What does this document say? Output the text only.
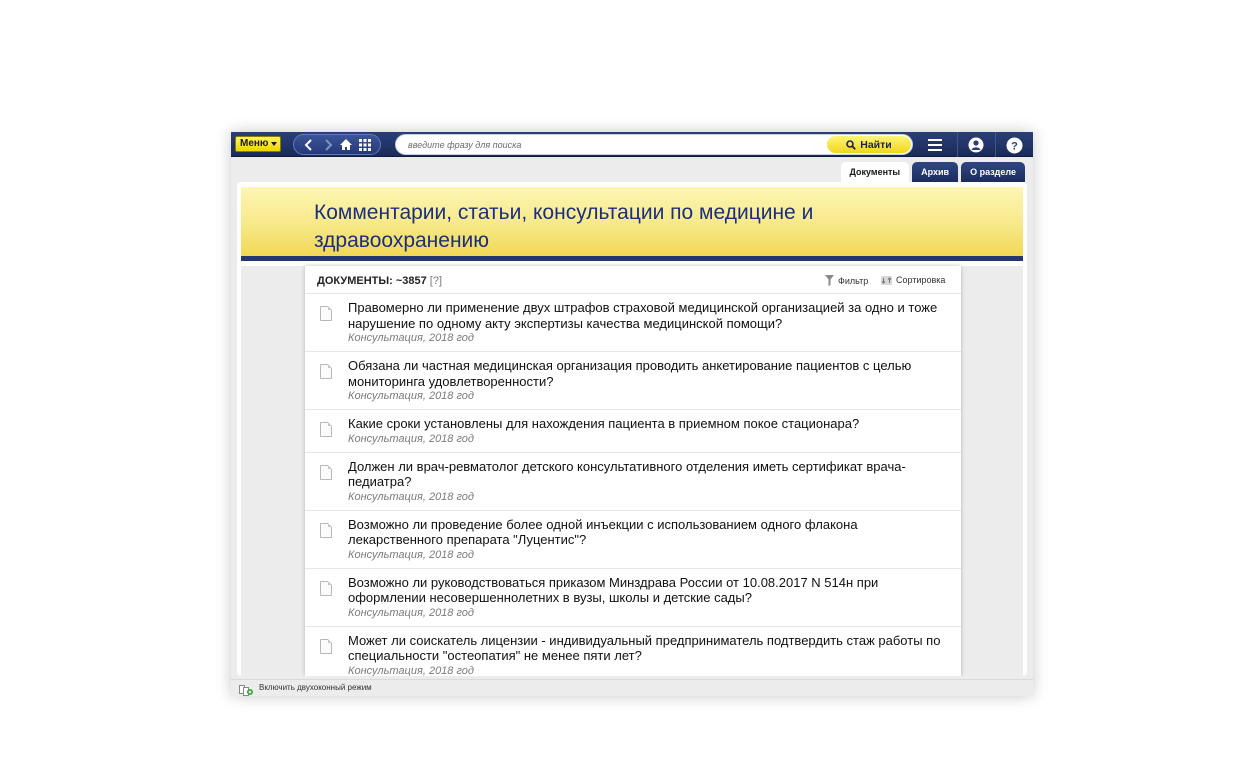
Меню
введите фразу для поиска	Найти	?
Документы	Архив	О разделе
Комментарии, статьи, консультации по медицине и здравоохранению
ДОКУМЕНТЫ: ~3857 [?]	Фильтр	Сортировка
Правомерно ли применение двух штрафов страховой медицинской организацией за одно и тоже нарушение по одному акту экспертизы качества медицинской помощи?
Консультация, 2018 год
Обязана ли частная медицинская организация проводить анкетирование пациентов с целью мониторинга удовлетворенности?
Консультация, 2018 год
Какие сроки установлены для нахождения пациента в приемном покое стационара?
Консультация, 2018 год
Должен ли врач-ревматолог детского консультативного отделения иметь сертификат врача-педиатра?
Консультация, 2018 год
Возможно ли проведение более одной инъекции с использованием одного флакона лекарственного препарата "Луцентис"?
Консультация, 2018 год
Возможно ли руководствоваться приказом Минздрава России от 10.08.2017 N 514н при оформлении несовершеннолетних в вузы, школы и детские сады?
Консультация, 2018 год
Может ли соискатель лицензии - индивидуальный предприниматель подтвердить стаж работы по специальности "остеопатия" не менее пяти лет?
Консультация, 2018 год
Включить двухоконный режим
